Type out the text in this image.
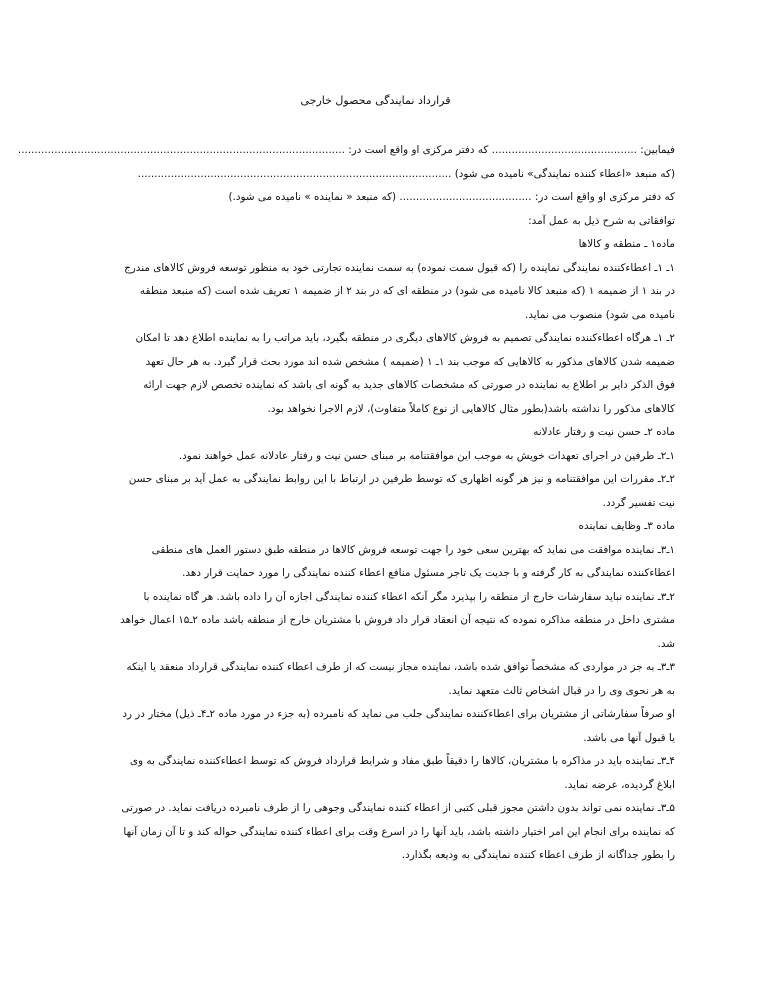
قرارداد نمایندگی محصول خارجی
فیمابین: ............................................ که دفتر مرکزی او واقع است در: ...................................................................................................
(که منبعد «اعطاء کننده نمایندگی» نامیده می شود) ...............................................................................................
که دفتر مرکزی او واقع است در: ........................................ (که منبعد « نماینده » نامیده می شود.)
توافقاتی به شرح ذیل به عمل آمد:
ماده۱ ـ منطقه و کالاها
۱ـ ۱ـ اعطاءکننده نمایندگی نماینده را (که قبول سمت نموده) به سمت نماینده تجارتی خود به منظور توسعه فروش کالاهای مندرج
در بند ۱ از ضمیمه ۱ (که منبعد کالا نامیده می شود) در منطقه ای که در بند ۲ از ضمیمه ۱ تعریف شده است (که منبعد منطقه
نامیده می شود) منصوب می نماید.
۲ـ ۱ـ هرگاه اعطاءکننده نمایندگی تصمیم به فروش کالاهای دیگری در منطقه بگیرد، باید مراتب را به نماینده اطلاع دهد تا امکان
ضمیمه شدن کالاهای مذکور به کالاهایی که موجب بند ۱ـ ۱ (ضمیمه ) مشخص شده اند مورد بحث قرار گیرد. به هر حال تعهد
فوق الذکر دایر بر اطلاع به نماینده در صورتی که مشخصات کالاهای جدید به گونه ای باشد که نماینده تخصص لازم جهت ارائه
کالاهای مذکور را نداشته باشد(بطور مثال کالاهایی از نوع کاملاً متفاوت)، لازم الاجرا نخواهد بود.
ماده ۲ـ حسن نیت و رفتار عادلانه
۱ـ۲ـ طرفین در اجرای تعهدات خویش به موجب این موافقتنامه بر مبنای حسن نیت و رفتار عادلانه عمل خواهند نمود.
۲ـ۲ـ مقررات این موافقتنامه و نیز هر گونه اظهاری که توسط طرفین در ارتباط با این روابط نمایندگی به عمل آید بر مبنای حسن
نیت تفسیر گردد.
ماده ۳ـ وظایف نماینده
۱ـ۳ـ نماینده موافقت می نماید که بهترین سعی خود را جهت توسعه فروش کالاها در منطقه طبق دستور العمل های منطقی
اعطاءکننده نمایندگی به کار گرفته و با جدیت یک تاجر مسئول منافع اعطاء کننده نمایندگی را مورد حمایت قرار دهد.
۲ـ۳ـ نماینده نباید سفارشات خارج از منطقه را بپذیرد مگر آنکه اعطاء کننده نمایندگی اجازه آن را داده باشد. هر گاه نماینده با
مشتری داخل در منطقه مذاکره نموده که نتیجه آن انعقاد قرار داد فروش با مشتریان خارج از منطقه باشد ماده ۲ـ۱۵ اعمال خواهد
شد.
۳ـ۳ـ به جز در مواردی که مشخصاً توافق شده باشد، نماینده مجاز نیست که از طرف اعطاء کننده نمایندگی قرارداد منعقد یا اینکه
به هر نحوی وی را در قبال اشخاص ثالث متعهد نماید.
او صرفاً سفارشاتی از مشتریان برای اعطاءکننده نمایندگی جلب می نماید که نامبرده (به جزء در مورد ماده ۲ـ۴ـ ذیل) مختار در رد
یا قبول آنها می باشد.
۴ـ۳ـ نماینده باید در مذاکره با مشتریان، کالاها را دقیقاً طبق مفاد و شرایط قرارداد فروش که توسط اعطاءکننده نمایندگی به وی
ابلاغ گردیده، عرضه نماید.
۵ـ۳ـ نماینده نمی تواند بدون داشتن مجوز قبلی کتبی از اعطاء کننده نمایندگی وجوهی را از طرف نامبرده دریافت نماید. در صورتی
که نماینده برای انجام این امر اختیار داشته باشد، باید آنها را در اسرع وقت برای اعطاء کننده نمایندگی حواله کند و تا آن زمان آنها
را بطور جداگانه از طرف اعطاء کننده نمایندگی به ودیعه بگذارد.
